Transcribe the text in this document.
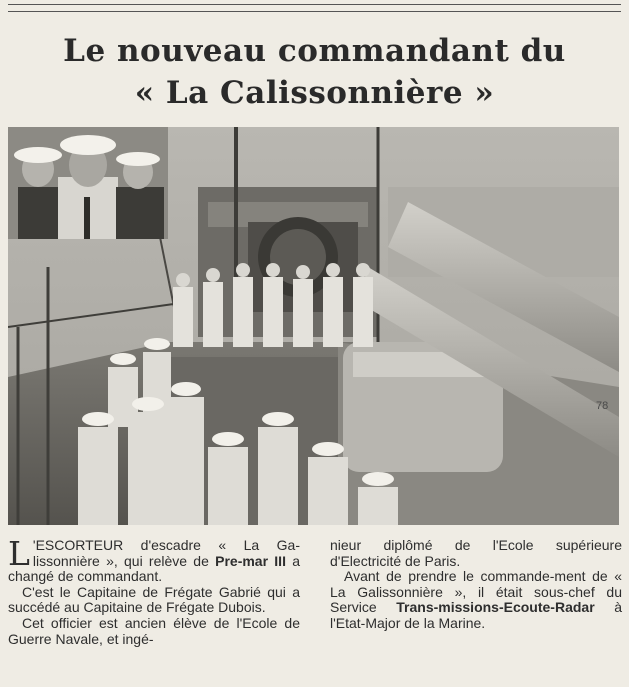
Le nouveau commandant du
« La Calissonnière »
78

L 'ESCORTEUR d'escadre « La Ga-lissonnière », qui relève de Pre-mar III a changé de commandant.

C'est le Capitaine de Frégate Gabrié qui a succédé au Capitaine de Frégate Dubois.

Cet officier est ancien élève de l'Ecole de Guerre Navale, et ingé-

nieur diplômé de l'Ecole supérieure d'Electricité de Paris.

Avant de prendre le commande-ment de « La Galissonnière », il était sous-chef du Service Trans-missions-Ecoute-Radar à l'Etat-Major de la Marine.
